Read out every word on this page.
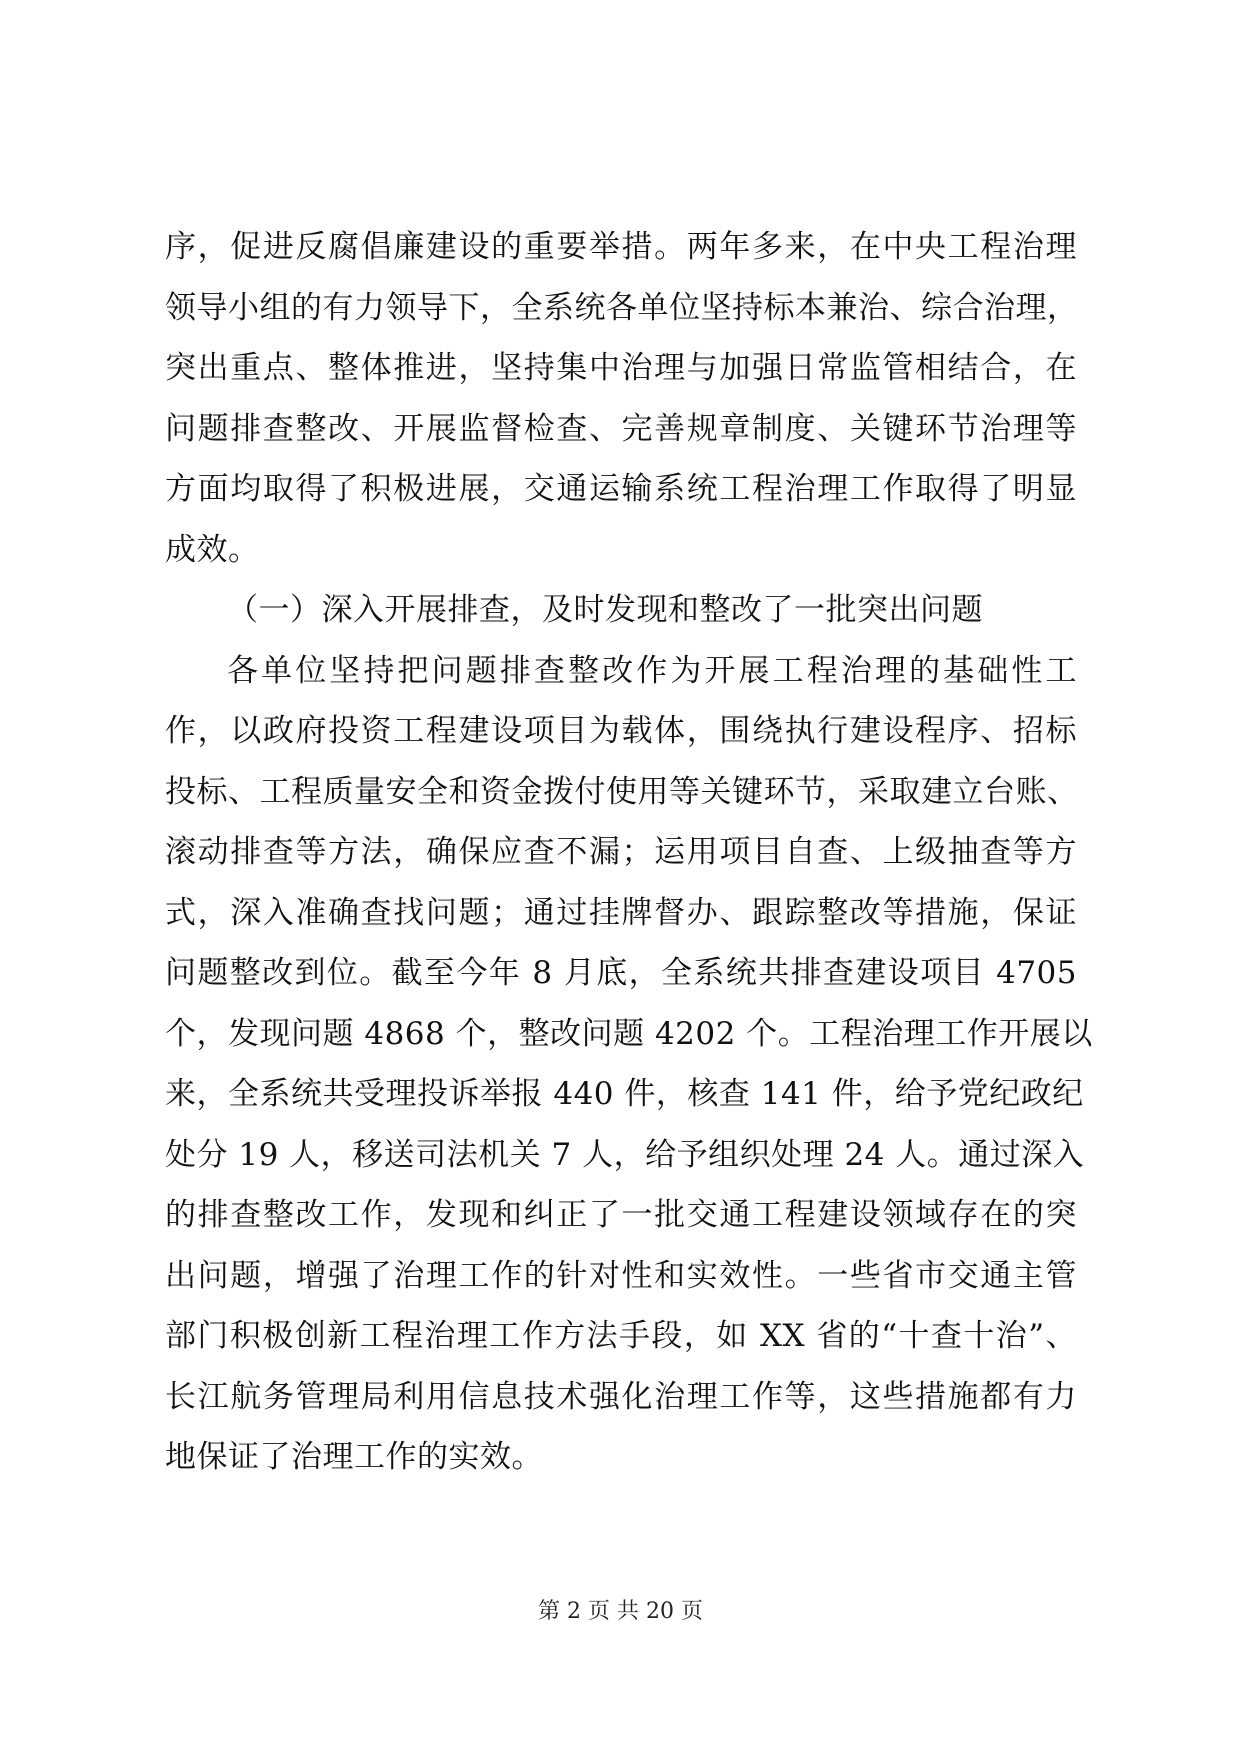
序，促进反腐倡廉建设的重要举措。两年多来，在中央工程治理
领导小组的有力领导下，全系统各单位坚持标本兼治、综合治理，
突出重点、整体推进，坚持集中治理与加强日常监管相结合，在
问题排查整改、开展监督检查、完善规章制度、关键环节治理等
方面均取得了积极进展，交通运输系统工程治理工作取得了明显
成效。
（一）深入开展排查，及时发现和整改了一批突出问题
各单位坚持把问题排查整改作为开展工程治理的基础性工
作，以政府投资工程建设项目为载体，围绕执行建设程序、招标
投标、工程质量安全和资金拨付使用等关键环节，采取建立台账、
滚动排查等方法，确保应查不漏；运用项目自查、上级抽查等方
式，深入准确查找问题；通过挂牌督办、跟踪整改等措施，保证
问题整改到位。截至今年 8 月底，全系统共排查建设项目 4705
个，发现问题 4868 个，整改问题 4202 个。工程治理工作开展以
来，全系统共受理投诉举报 440 件，核查 141 件，给予党纪政纪
处分 19 人，移送司法机关 7 人，给予组织处理 24 人。通过深入
的排查整改工作，发现和纠正了一批交通工程建设领域存在的突
出问题，增强了治理工作的针对性和实效性。一些省市交通主管
部门积极创新工程治理工作方法手段，如 XX 省的“十查十治”、
长江航务管理局利用信息技术强化治理工作等，这些措施都有力
地保证了治理工作的实效。
第 2 页 共 20 页
